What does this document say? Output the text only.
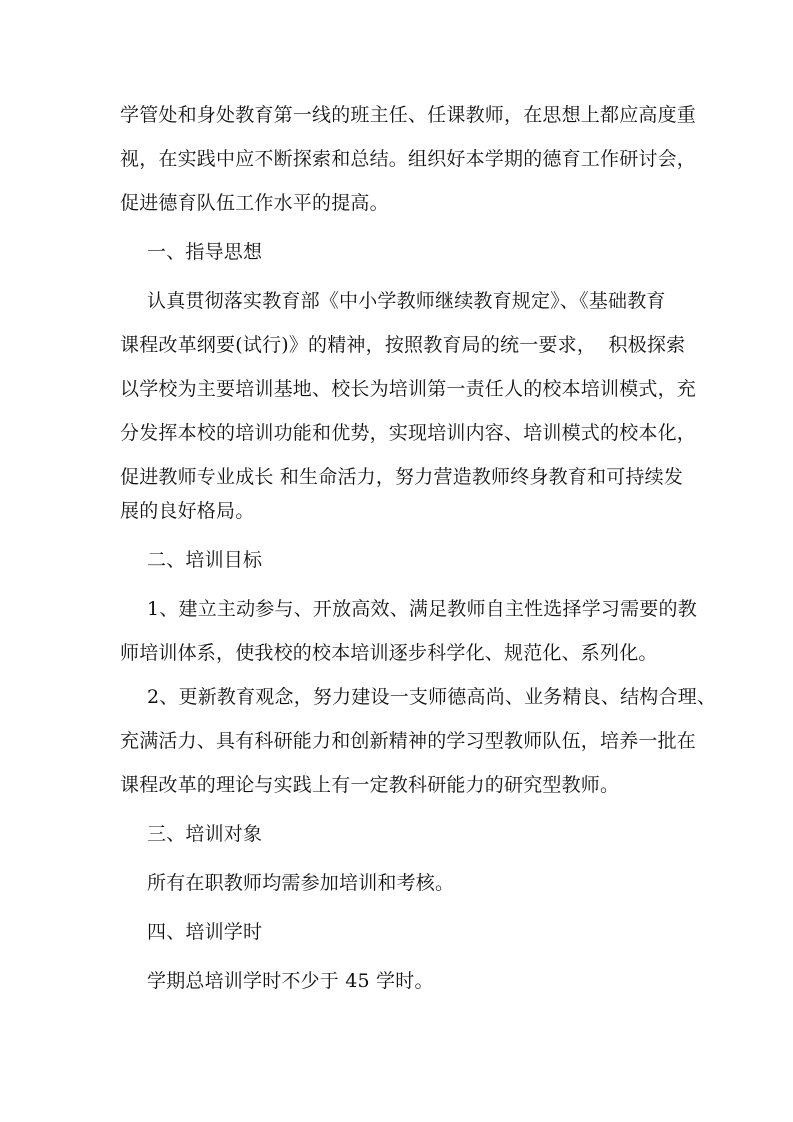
学管处和身处教育第一线的班主任、任课教师，在思想上都应高度重
视，在实践中应不断探索和总结。组织好本学期的德育工作研讨会，
促进德育队伍工作水平的提高。
一、指导思想
认真贯彻落实教育部《中小学教师继续教育规定》、《基础教育
课程改革纲要(试行)》的精神，按照教育局的统一要求，  积极探索
以学校为主要培训基地、校长为培训第一责任人的校本培训模式，充
分发挥本校的培训功能和优势，实现培训内容、培训模式的校本化，
促进教师专业成长 和生命活力，努力营造教师终身教育和可持续发
展的良好格局。
二、培训目标
1、建立主动参与、开放高效、满足教师自主性选择学习需要的教
师培训体系，使我校的校本培训逐步科学化、规范化、系列化。
2、更新教育观念，努力建设一支师德高尚、业务精良、结构合理、
充满活力、具有科研能力和创新精神的学习型教师队伍，培养一批在
课程改革的理论与实践上有一定教科研能力的研究型教师。
三、培训对象
所有在职教师均需参加培训和考核。
四、培训学时
学期总培训学时不少于 45 学时。
